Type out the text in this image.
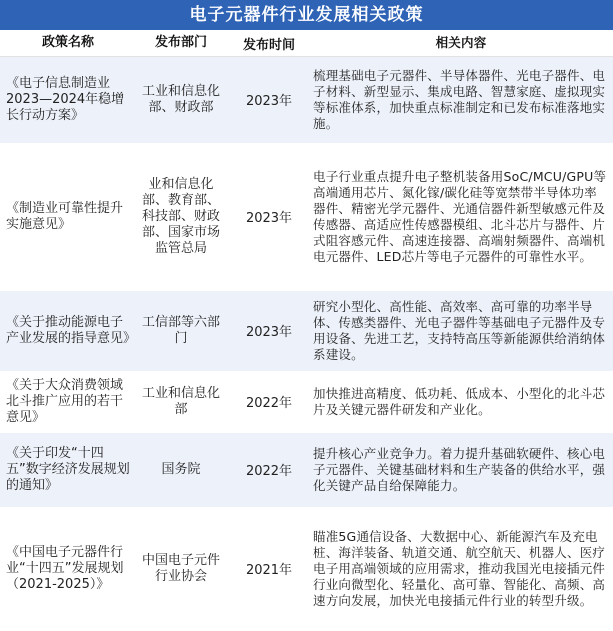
电子元器件行业发展相关政策
政策名称	发布部门	发布时间	相关内容
《电子信息制造业2023—2024年稳增长行动方案》	工业和信息化部、财政部	2023年	梳理基础电子元器件、半导体器件、光电子器件、电子材料、新型显示、集成电路、智慧家庭、虚拟现实等标准体系，加快重点标准制定和已发布标准落地实施。
《制造业可靠性提升实施意见》	业和信息化部、教育部、科技部、财政部、国家市场监管总局	2023年	电子行业重点提升电子整机装备用SoC/MCU/GPU等高端通用芯片、氮化镓/碳化硅等宽禁带半导体功率器件、精密光学元器件、光通信器件新型敏感元件及传感器、高适应性传感器模组、北斗芯片与器件、片式阻容感元件、高速连接器、高端射频器件、高端机电元器件、LED芯片等电子元器件的可靠性水平。
《关于推动能源电子产业发展的指导意见》	工信部等六部门	2023年	研究小型化、高性能、高效率、高可靠的功率半导体、传感类器件、光电子器件等基础电子元器件及专用设备、先进工艺，支持特高压等新能源供给消纳体系建设。
《关于大众消费领域北斗推广应用的若干意见》	工业和信息化部	2022年	加快推进高精度、低功耗、低成本、小型化的北斗芯片及关键元器件研发和产业化。
《关于印发“十四五”数字经济发展规划的通知》	国务院	2022年	提升核心产业竞争力。着力提升基础软硬件、核心电子元器件、关键基础材料和生产装备的供给水平，强化关键产品自给保障能力。
《中国电子元器件行业“十四五”发展规划（2021-2025）》	中国电子元件行业协会	2021年	瞄准5G通信设备、大数据中心、新能源汽车及充电桩、海洋装备、轨道交通、航空航天、机器人、医疗电子用高端领域的应用需求，推动我国光电接插元件行业向微型化、轻量化、高可靠、智能化、高频、高速方向发展，加快光电接插元件行业的转型升级。
